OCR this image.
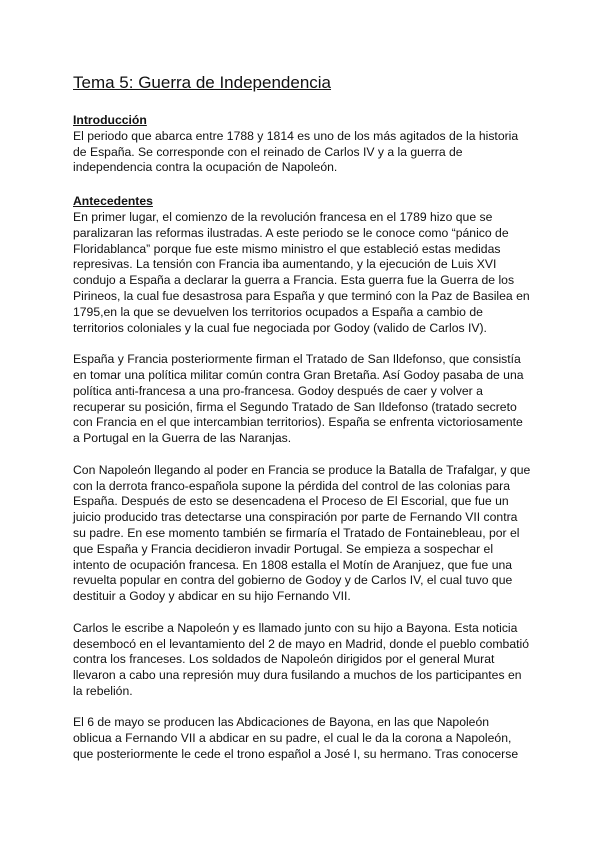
Tema 5: Guerra de Independencia
Introducción

El periodo que abarca entre 1788 y 1814 es uno de los más agitados de la historia
de España. Se corresponde con el reinado de Carlos IV y a la guerra de
independencia contra la ocupación de Napoleón.

Antecedentes

En primer lugar, el comienzo de la revolución francesa en el 1789 hizo que se
paralizaran las reformas ilustradas. A este periodo se le conoce como “pánico de
Floridablanca” porque fue este mismo ministro el que estableció estas medidas
represivas. La tensión con Francia iba aumentando, y la ejecución de Luis XVI
condujo a España a declarar la guerra a Francia. Esta guerra fue la Guerra de los
Pirineos, la cual fue desastrosa para España y que terminó con la Paz de Basilea en
1795,en la que se devuelven los territorios ocupados a España a cambio de
territorios coloniales y la cual fue negociada por Godoy (valido de Carlos IV).

España y Francia posteriormente firman el Tratado de San Ildefonso, que consistía
en tomar una política militar común contra Gran Bretaña. Así Godoy pasaba de una
política anti-francesa a una pro-francesa. Godoy después de caer y volver a
recuperar su posición, firma el Segundo Tratado de San Ildefonso (tratado secreto
con Francia en el que intercambian territorios). España se enfrenta victoriosamente
a Portugal en la Guerra de las Naranjas.

Con Napoleón llegando al poder en Francia se produce la Batalla de Trafalgar, y que
con la derrota franco-española supone la pérdida del control de las colonias para
España. Después de esto se desencadena el Proceso de El Escorial, que fue un
juicio producido tras detectarse una conspiración por parte de Fernando VII contra
su padre. En ese momento también se firmaría el Tratado de Fontainebleau, por el
que España y Francia decidieron invadir Portugal. Se empieza a sospechar el
intento de ocupación francesa. En 1808 estalla el Motín de Aranjuez, que fue una
revuelta popular en contra del gobierno de Godoy y de Carlos IV, el cual tuvo que
destituir a Godoy y abdicar en su hijo Fernando VII.

Carlos le escribe a Napoleón y es llamado junto con su hijo a Bayona. Esta noticia
desembocó en el levantamiento del 2 de mayo en Madrid, donde el pueblo combatió
contra los franceses. Los soldados de Napoleón dirigidos por el general Murat
llevaron a cabo una represión muy dura fusilando a muchos de los participantes en
la rebelión.

El 6 de mayo se producen las Abdicaciones de Bayona, en las que Napoleón
oblicua a Fernando VII a abdicar en su padre, el cual le da la corona a Napoleón,
que posteriormente le cede el trono español a José I, su hermano. Tras conocerse
